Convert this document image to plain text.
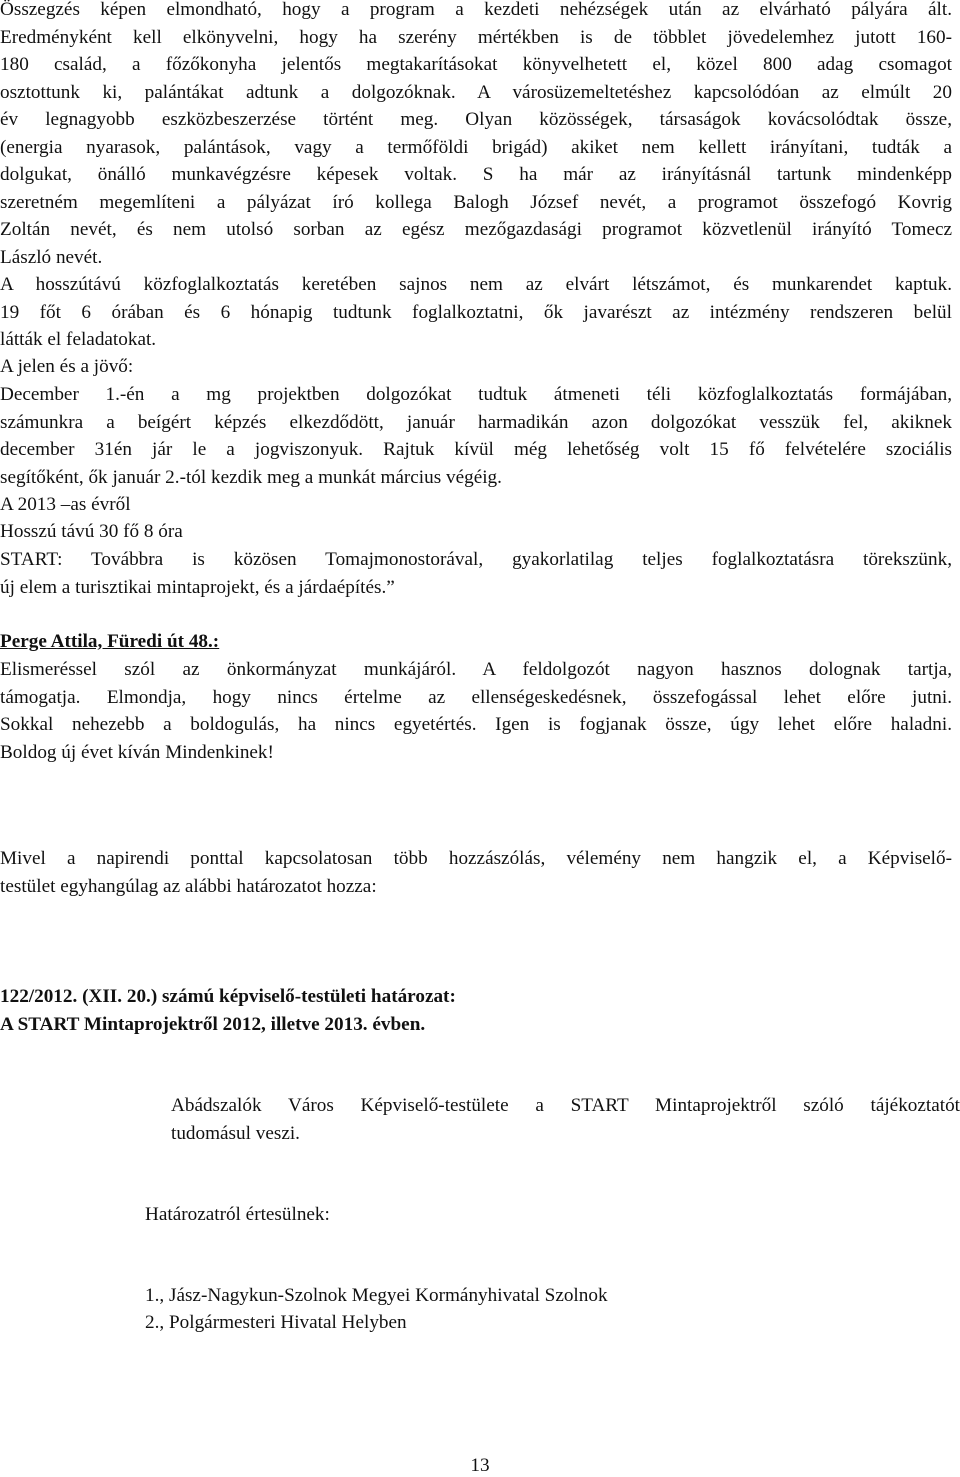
Összegzés képen elmondható, hogy a program a kezdeti nehézségek után az elvárható pályára ált.
Eredményként kell elkönyvelni, hogy ha szerény mértékben is de többlet jövedelemhez jutott 160-
180 család, a főzőkonyha jelentős megtakarításokat könyvelhetett el, közel 800 adag csomagot
osztottunk ki, palántákat adtunk a dolgozóknak. A városüzemeltetéshez kapcsolódóan az elmúlt 20
év legnagyobb eszközbeszerzése történt meg. Olyan közösségek, társaságok kovácsolódtak össze,
(energia nyarasok, palántások, vagy a termőföldi brigád) akiket nem kellett irányítani, tudták a
dolgukat, önálló munkavégzésre képesek voltak. S ha már az irányításnál tartunk mindenképp
szeretném megemlíteni a pályázat író kollega Balogh József nevét, a programot összefogó Kovrig
Zoltán nevét, és nem utolsó sorban az egész mezőgazdasági programot közvetlenül irányító Tomecz
László nevét.
A hosszútávú közfoglalkoztatás keretében sajnos nem az elvárt létszámot, és munkarendet kaptuk.
19 főt 6 órában és 6 hónapig tudtunk foglalkoztatni, ők javarészt az intézmény rendszeren belül
látták el feladatokat.
A jelen és a jövő:
December 1.-én a mg projektben dolgozókat tudtuk átmeneti téli közfoglalkoztatás formájában,
számunkra a beígért képzés elkezdődött, január harmadikán azon dolgozókat vesszük fel, akiknek
december 31én jár le a jogviszonyuk. Rajtuk kívül még lehetőség volt 15 fő felvételére szociális
segítőként, ők január 2.-tól kezdik meg a munkát március végéig.
A 2013 –as évről
Hosszú távú 30 fő 8 óra
START: Továbbra is közösen Tomajmonostorával, gyakorlatilag teljes foglalkoztatásra törekszünk,
új elem a turisztikai mintaprojekt, és a járdaépítés.”
Perge Attila, Füredi út 48.:
Elismeréssel szól az önkormányzat munkájáról. A feldolgozót nagyon hasznos dolognak tartja,
támogatja. Elmondja, hogy nincs értelme az ellenségeskedésnek, összefogással lehet előre jutni.
Sokkal nehezebb a boldogulás, ha nincs egyetértés. Igen is fogjanak össze, úgy lehet előre haladni.
Boldog új évet kíván Mindenkinek!
Mivel a napirendi ponttal kapcsolatosan több hozzászólás, vélemény nem hangzik el, a Képviselő-
testület egyhangúlag az alábbi határozatot hozza:
122/2012. (XII. 20.) számú képviselő-testületi határozat:
A START Mintaprojektről 2012, illetve 2013. évben.
Abádszalók Város Képviselő-testülete a START Mintaprojektről szóló tájékoztatót
tudomásul veszi.
Határozatról értesülnek:
1., Jász-Nagykun-Szolnok Megyei Kormányhivatal Szolnok
2., Polgármesteri Hivatal Helyben
13
